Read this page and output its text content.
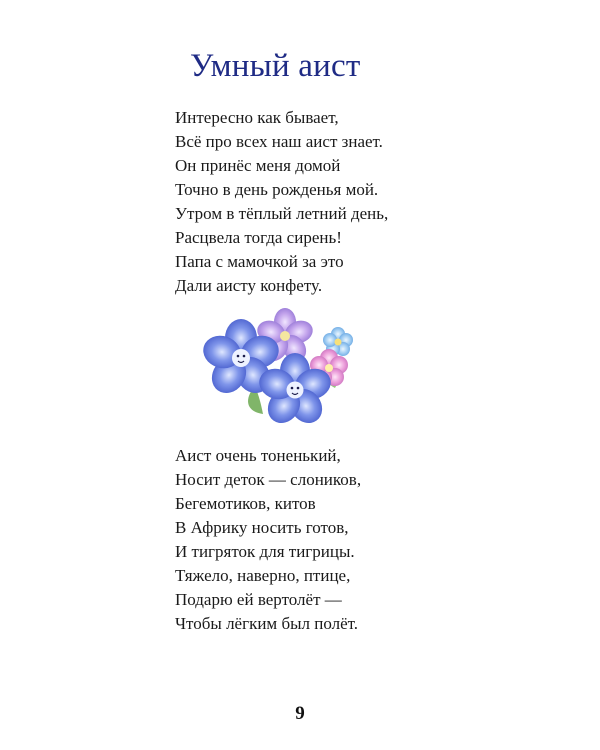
Умный аист
Интересно как бывает,
Всё про всех наш аист знает.
Он принёс меня домой
Точно в день рожденья мой.
Утром в тёплый летний день,
Расцвела тогда сирень!
Папа с мамочкой за это
Дали аисту конфету.
Аист очень тоненький,
Носит деток — слоников,
Бегемотиков, китов
В Африку носить готов,
И тигряток для тигрицы.
Тяжело, наверно, птице,
Подарю ей вертолёт —
Чтобы лёгким был полёт.
9
